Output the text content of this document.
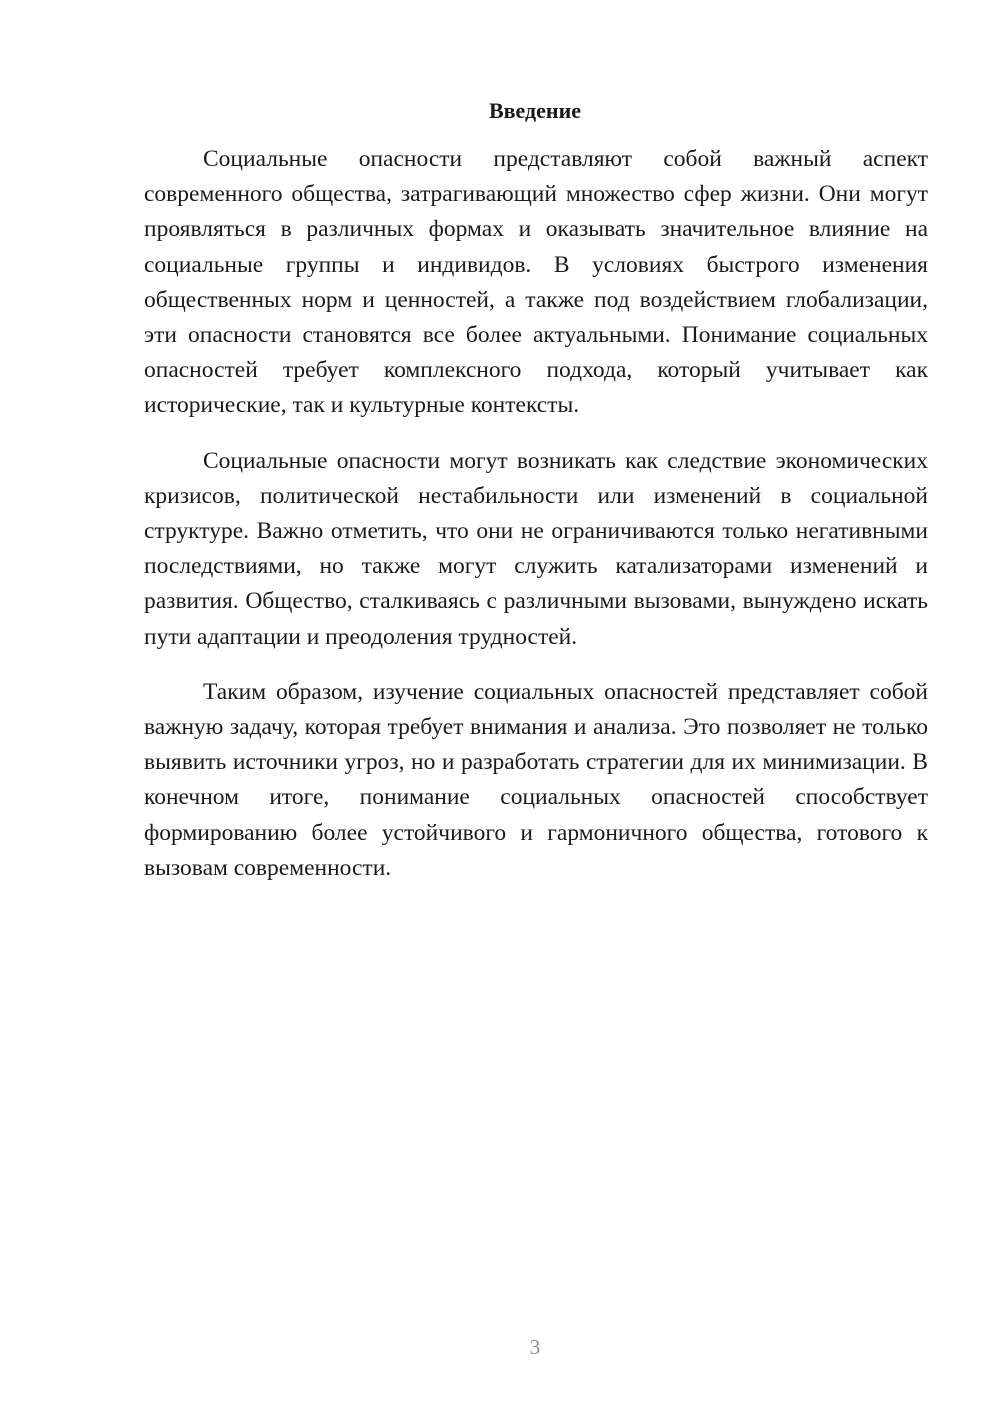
Введение

Социальные опасности представляют собой важный аспект современного общества, затрагивающий множество сфер жизни. Они могут проявляться в различных формах и оказывать значительное влияние на социальные группы и индивидов. В условиях быстрого изменения общественных норм и ценностей, а также под воздействием глобализации, эти опасности становятся все более актуальными. Понимание социальных опасностей требует комплексного подхода, который учитывает как исторические, так и культурные контексты.

Социальные опасности могут возникать как следствие экономических кризисов, политической нестабильности или изменений в социальной структуре. Важно отметить, что они не ограничиваются только негативными последствиями, но также могут служить катализаторами изменений и развития. Общество, сталкиваясь с различными вызовами, вынуждено искать пути адаптации и преодоления трудностей.

Таким образом, изучение социальных опасностей представляет собой важную задачу, которая требует внимания и анализа. Это позволяет не только выявить источники угроз, но и разработать стратегии для их минимизации. В конечном итоге, понимание социальных опасностей способствует формированию более устойчивого и гармоничного общества, готового к вызовам современности.

3
